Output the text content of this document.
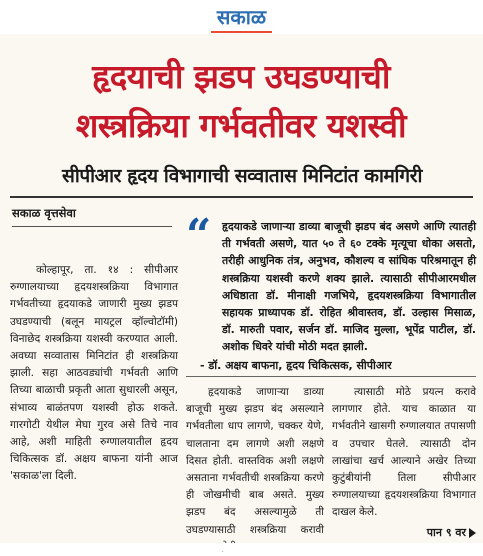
सकाळ
हृदयाची झडप उघडण्याची
शस्त्रक्रिया गर्भवतीवर यशस्वी
सीपीआर हृदय विभागाची सव्वातास मिनिटांत कामगिरी
सकाळ वृत्तसेवा

कोल्हापूर, ता. १४ : सीपीआर रुग्णालयाच्या हृदयशस्त्रक्रिया विभागात गर्भवतीच्या हृदयाकडे जाणारी मुख्य झडप उघडण्याची (बलून मायट्रल व्हॉल्वोटॉमी) विनाछेद शस्त्रक्रिया यशस्वी करण्यात आली. अवघ्या सव्वातास मिनिटांत ही शस्त्रक्रिया झाली. सहा आठवड्यांची गर्भवती आणि तिच्या बाळाची प्रकृती आता सुधारली असून, संभाव्य बाळंतपण यशस्वी होऊ शकते. गारगोटी येथील मेघा गुरव असे तिचे नाव आहे, अशी माहिती रुग्णालयातील हृदय चिकित्सक डॉ. अक्षय बाफना यांनी आज 'सकाळ'ला दिली.

“ हृदयाकडे जाणाऱ्या डाव्या बाजूची झडप बंद असणे आणि त्यातही ती गर्भवती असणे, यात ५० ते ६० टक्के मृत्यूचा धोका असतो, तरीही आधुनिक तंत्र, अनुभव, कौशल्य व सांघिक परिश्रमातून ही शस्त्रक्रिया यशस्वी करणे शक्य झाले. त्यासाठी सीपीआरमधील अधिष्ठाता डॉ. मीनाक्षी गजभिये, हृदयशस्त्रक्रिया विभागातील सहायक प्राध्यापक डॉ. रोहित श्रीवास्तव, डॉ. उल्हास मिसाळ, डॉ. मारुती पवार, सर्जन डॉ. माजिद मुल्ला, भूपेंद्र पाटील, डॉ. अशोक धिवरे यांची मोठी मदत झाली.
- डॉ. अक्षय बाफना, हृदय चिकित्सक, सीपीआर

हृदयाकडे जाणाऱ्या डाव्या बाजूची मुख्य झडप बंद असल्याने गर्भवतीला धाप लागणे, चक्कर येणे, चालताना दम लागणे अशी लक्षणे दिसत होती. वास्तविक अशी लक्षणे असताना गर्भवतीची शस्त्रक्रिया करणे ही जोखमीची बाब असते. मुख्य झडप बंद असल्यामुळे ती उघडण्यासाठी शस्त्रक्रिया करावी

त्यासाठी मोठे प्रयत्न करावे लागणार होते. याच काळात या गर्भवतीने खासगी रुग्णालयात तपासणी व उपचार घेतले. त्यासाठी दोन लाखांचा खर्च आल्याने अखेर तिच्या कुटुंबीयांनी तिला सीपीआर रुग्णालयाच्या हृदयशस्त्रक्रिया विभागात दाखल केले.

पान ९ वर
